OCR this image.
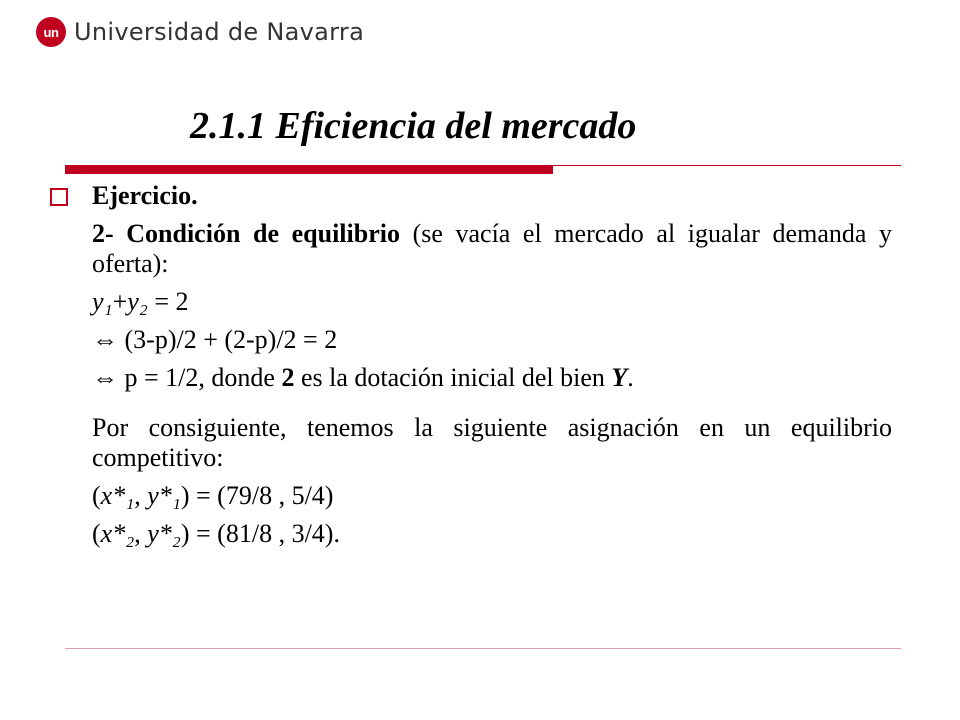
un Universidad de Navarra
2.1.1 Eficiencia del mercado
Ejercicio.

2- Condición de equilibrio (se vacía el mercado al igualar demanda y oferta):

y₁+y₂ = 2
⇔ (3-p)/2 + (2-p)/2 = 2
⇔ p = 1/2, donde 2 es la dotación inicial del bien Y.

Por consiguiente, tenemos la siguiente asignación en un equilibrio competitivo:

(x*₁, y*₁) = (79/8 , 5/4)
(x*₂, y*₂) = (81/8 , 3/4).
